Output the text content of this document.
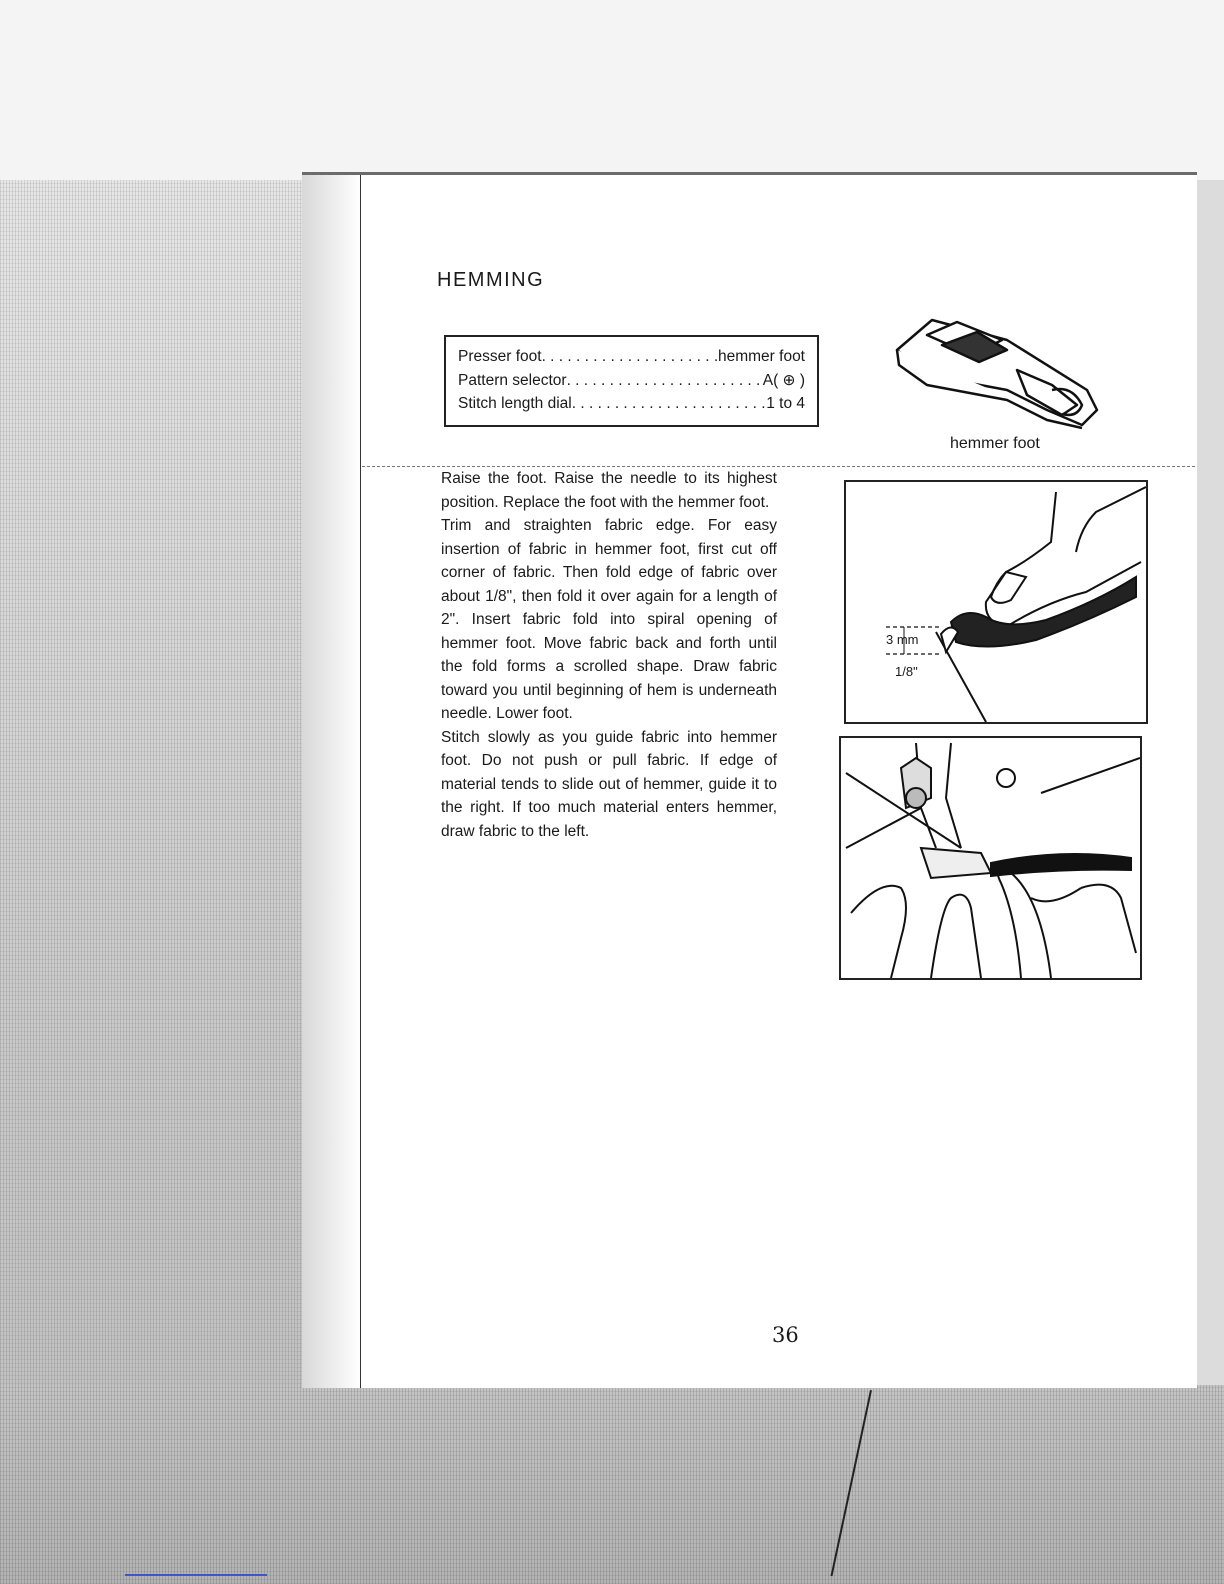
HEMMING
Presser foot . . .	hemmer foot
Pattern selector . . .	A( ⊕ )
Stitch length dial . . .	1 to 4
hemmer foot

Raise the foot. Raise the needle to its highest position. Replace the foot with the hemmer foot.

Trim and straighten fabric edge. For easy insertion of fabric in hemmer foot, first cut off corner of fabric. Then fold edge of fabric over about 1/8", then fold it over again for a length of 2". Insert fabric fold into spiral opening of hemmer foot. Move fabric back and forth until the fold forms a scrolled shape. Draw fabric toward you until beginning of hem is underneath needle. Lower foot.

Stitch slowly as you guide fabric into hemmer foot. Do not push or pull fabric. If edge of material tends to slide out of hemmer, guide it to the right. If too much material enters hemmer, draw fabric to the left.

3 mm
1/8"
36
